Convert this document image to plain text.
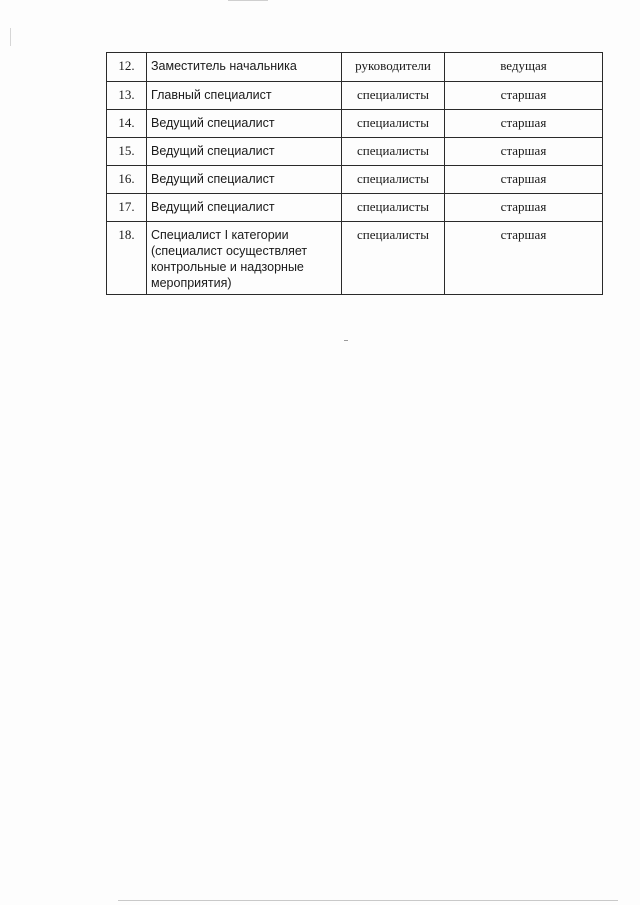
12.	Заместитель начальника	руководители	ведущая
13.	Главный специалист	специалисты	старшая
14.	Ведущий специалист	специалисты	старшая
15.	Ведущий специалист	специалисты	старшая
16.	Ведущий специалист	специалисты	старшая
17.	Ведущий специалист	специалисты	старшая
18.	Специалист I категории (специалист осуществляет контрольные и надзорные мероприятия)	специалисты	старшая
